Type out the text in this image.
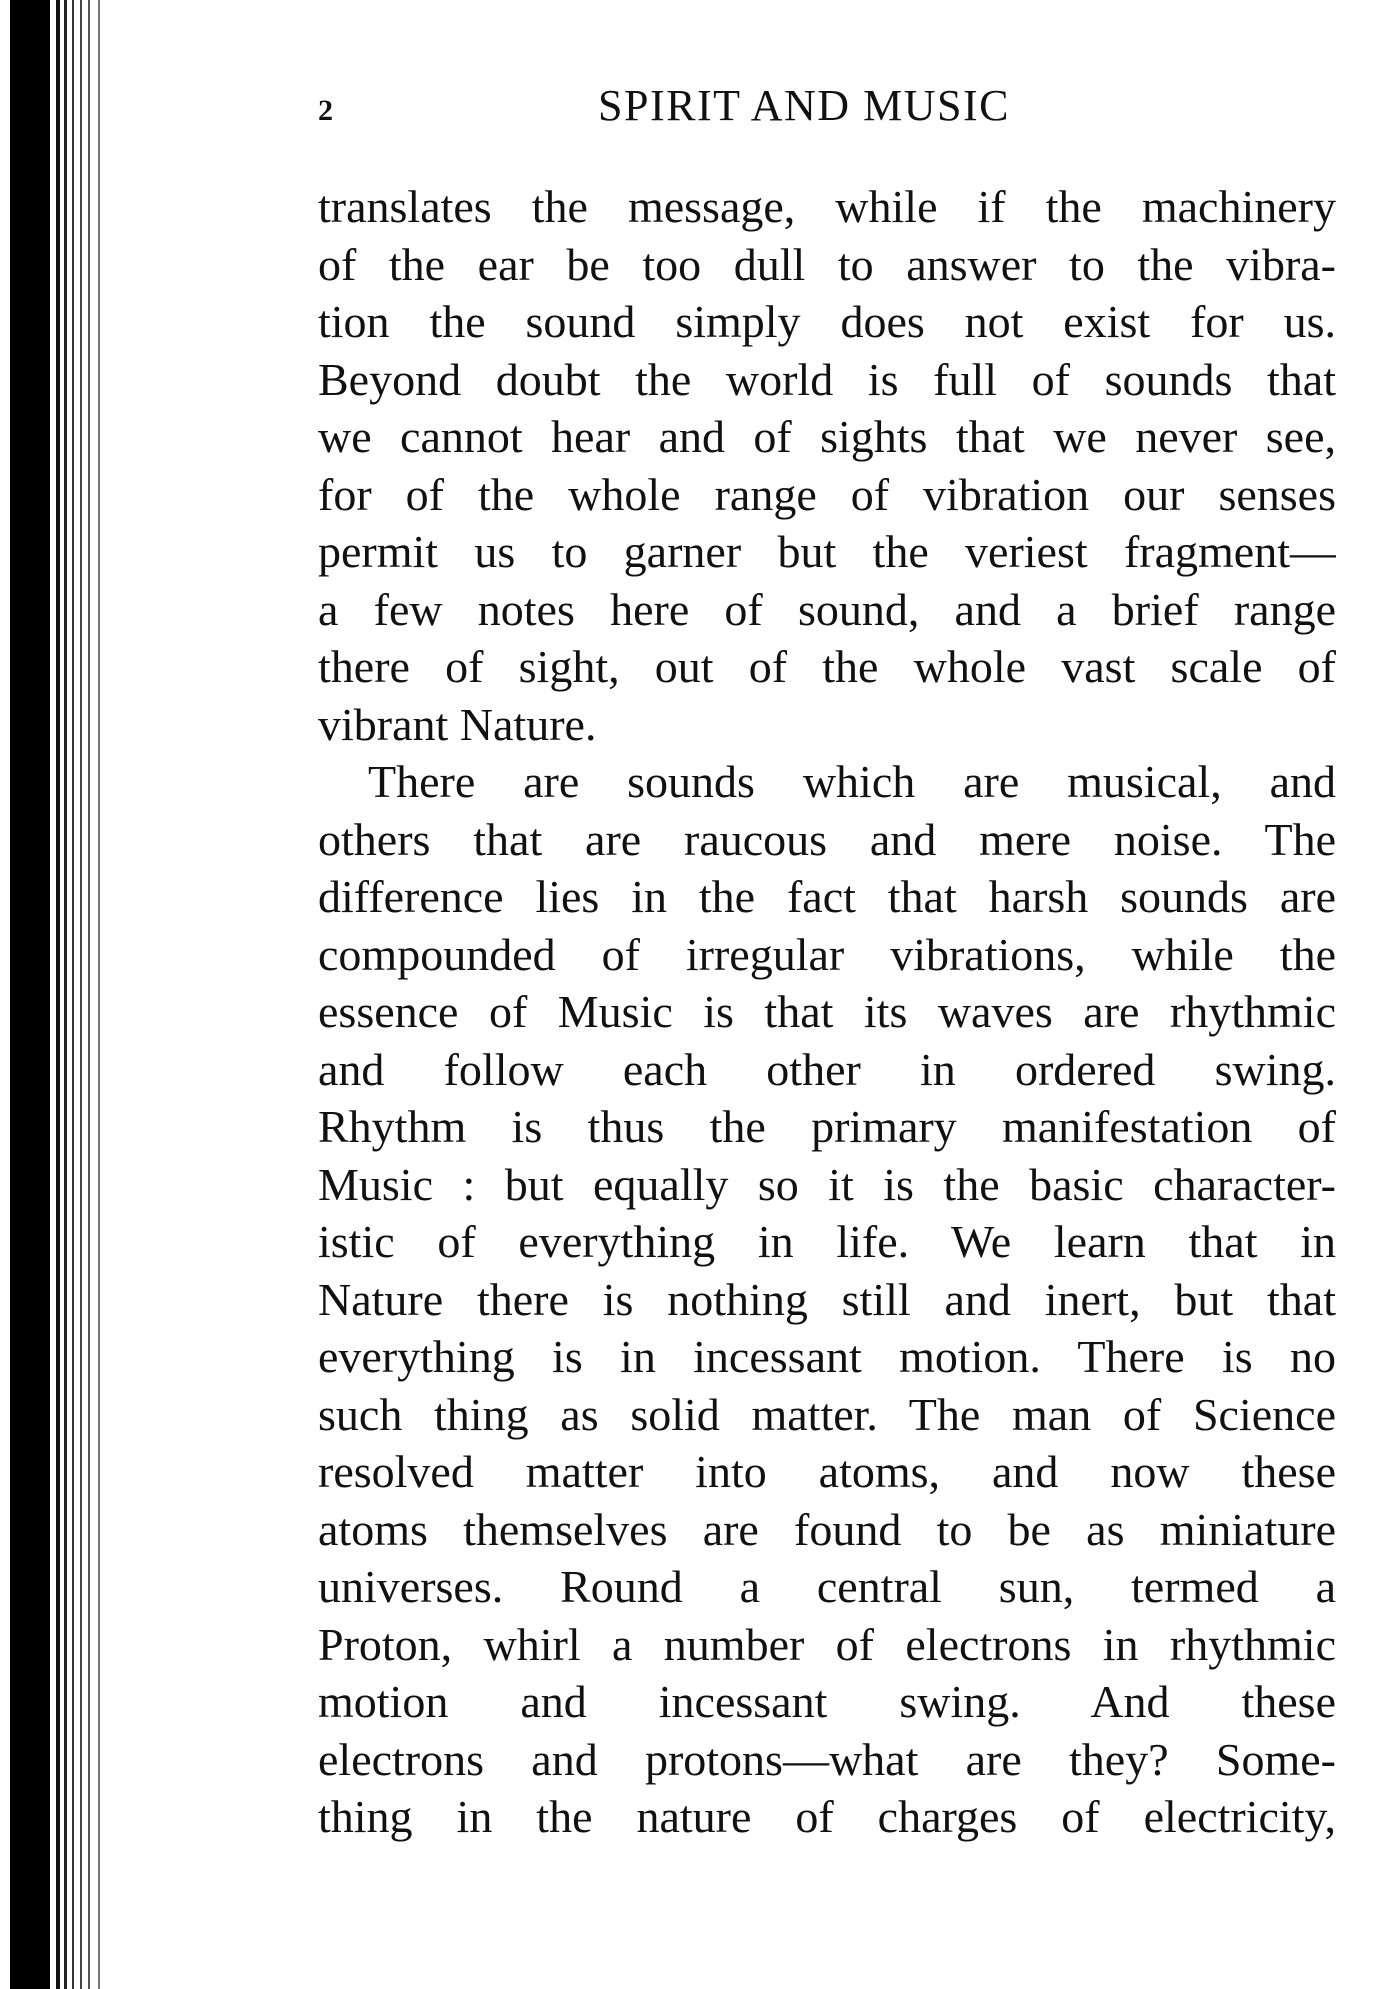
2	SPIRIT AND MUSIC
translates the message, while if the machinery
of the ear be too dull to answer to the vibra-
tion the sound simply does not exist for us.
Beyond doubt the world is full of sounds that
we cannot hear and of sights that we never see,
for of the whole range of vibration our senses
permit us to garner but the veriest fragment—
a few notes here of sound, and a brief range
there of sight, out of the whole vast scale of
vibrant Nature.
There are sounds which are musical, and
others that are raucous and mere noise. The
difference lies in the fact that harsh sounds are
compounded of irregular vibrations, while the
essence of Music is that its waves are rhythmic
and follow each other in ordered swing.
Rhythm is thus the primary manifestation of
Music : but equally so it is the basic character-
istic of everything in life. We learn that in
Nature there is nothing still and inert, but that
everything is in incessant motion. There is no
such thing as solid matter. The man of Science
resolved matter into atoms, and now these
atoms themselves are found to be as miniature
universes. Round a central sun, termed a
Proton, whirl a number of electrons in rhythmic
motion and incessant swing. And these
electrons and protons—what are they? Some-
thing in the nature of charges of electricity,
